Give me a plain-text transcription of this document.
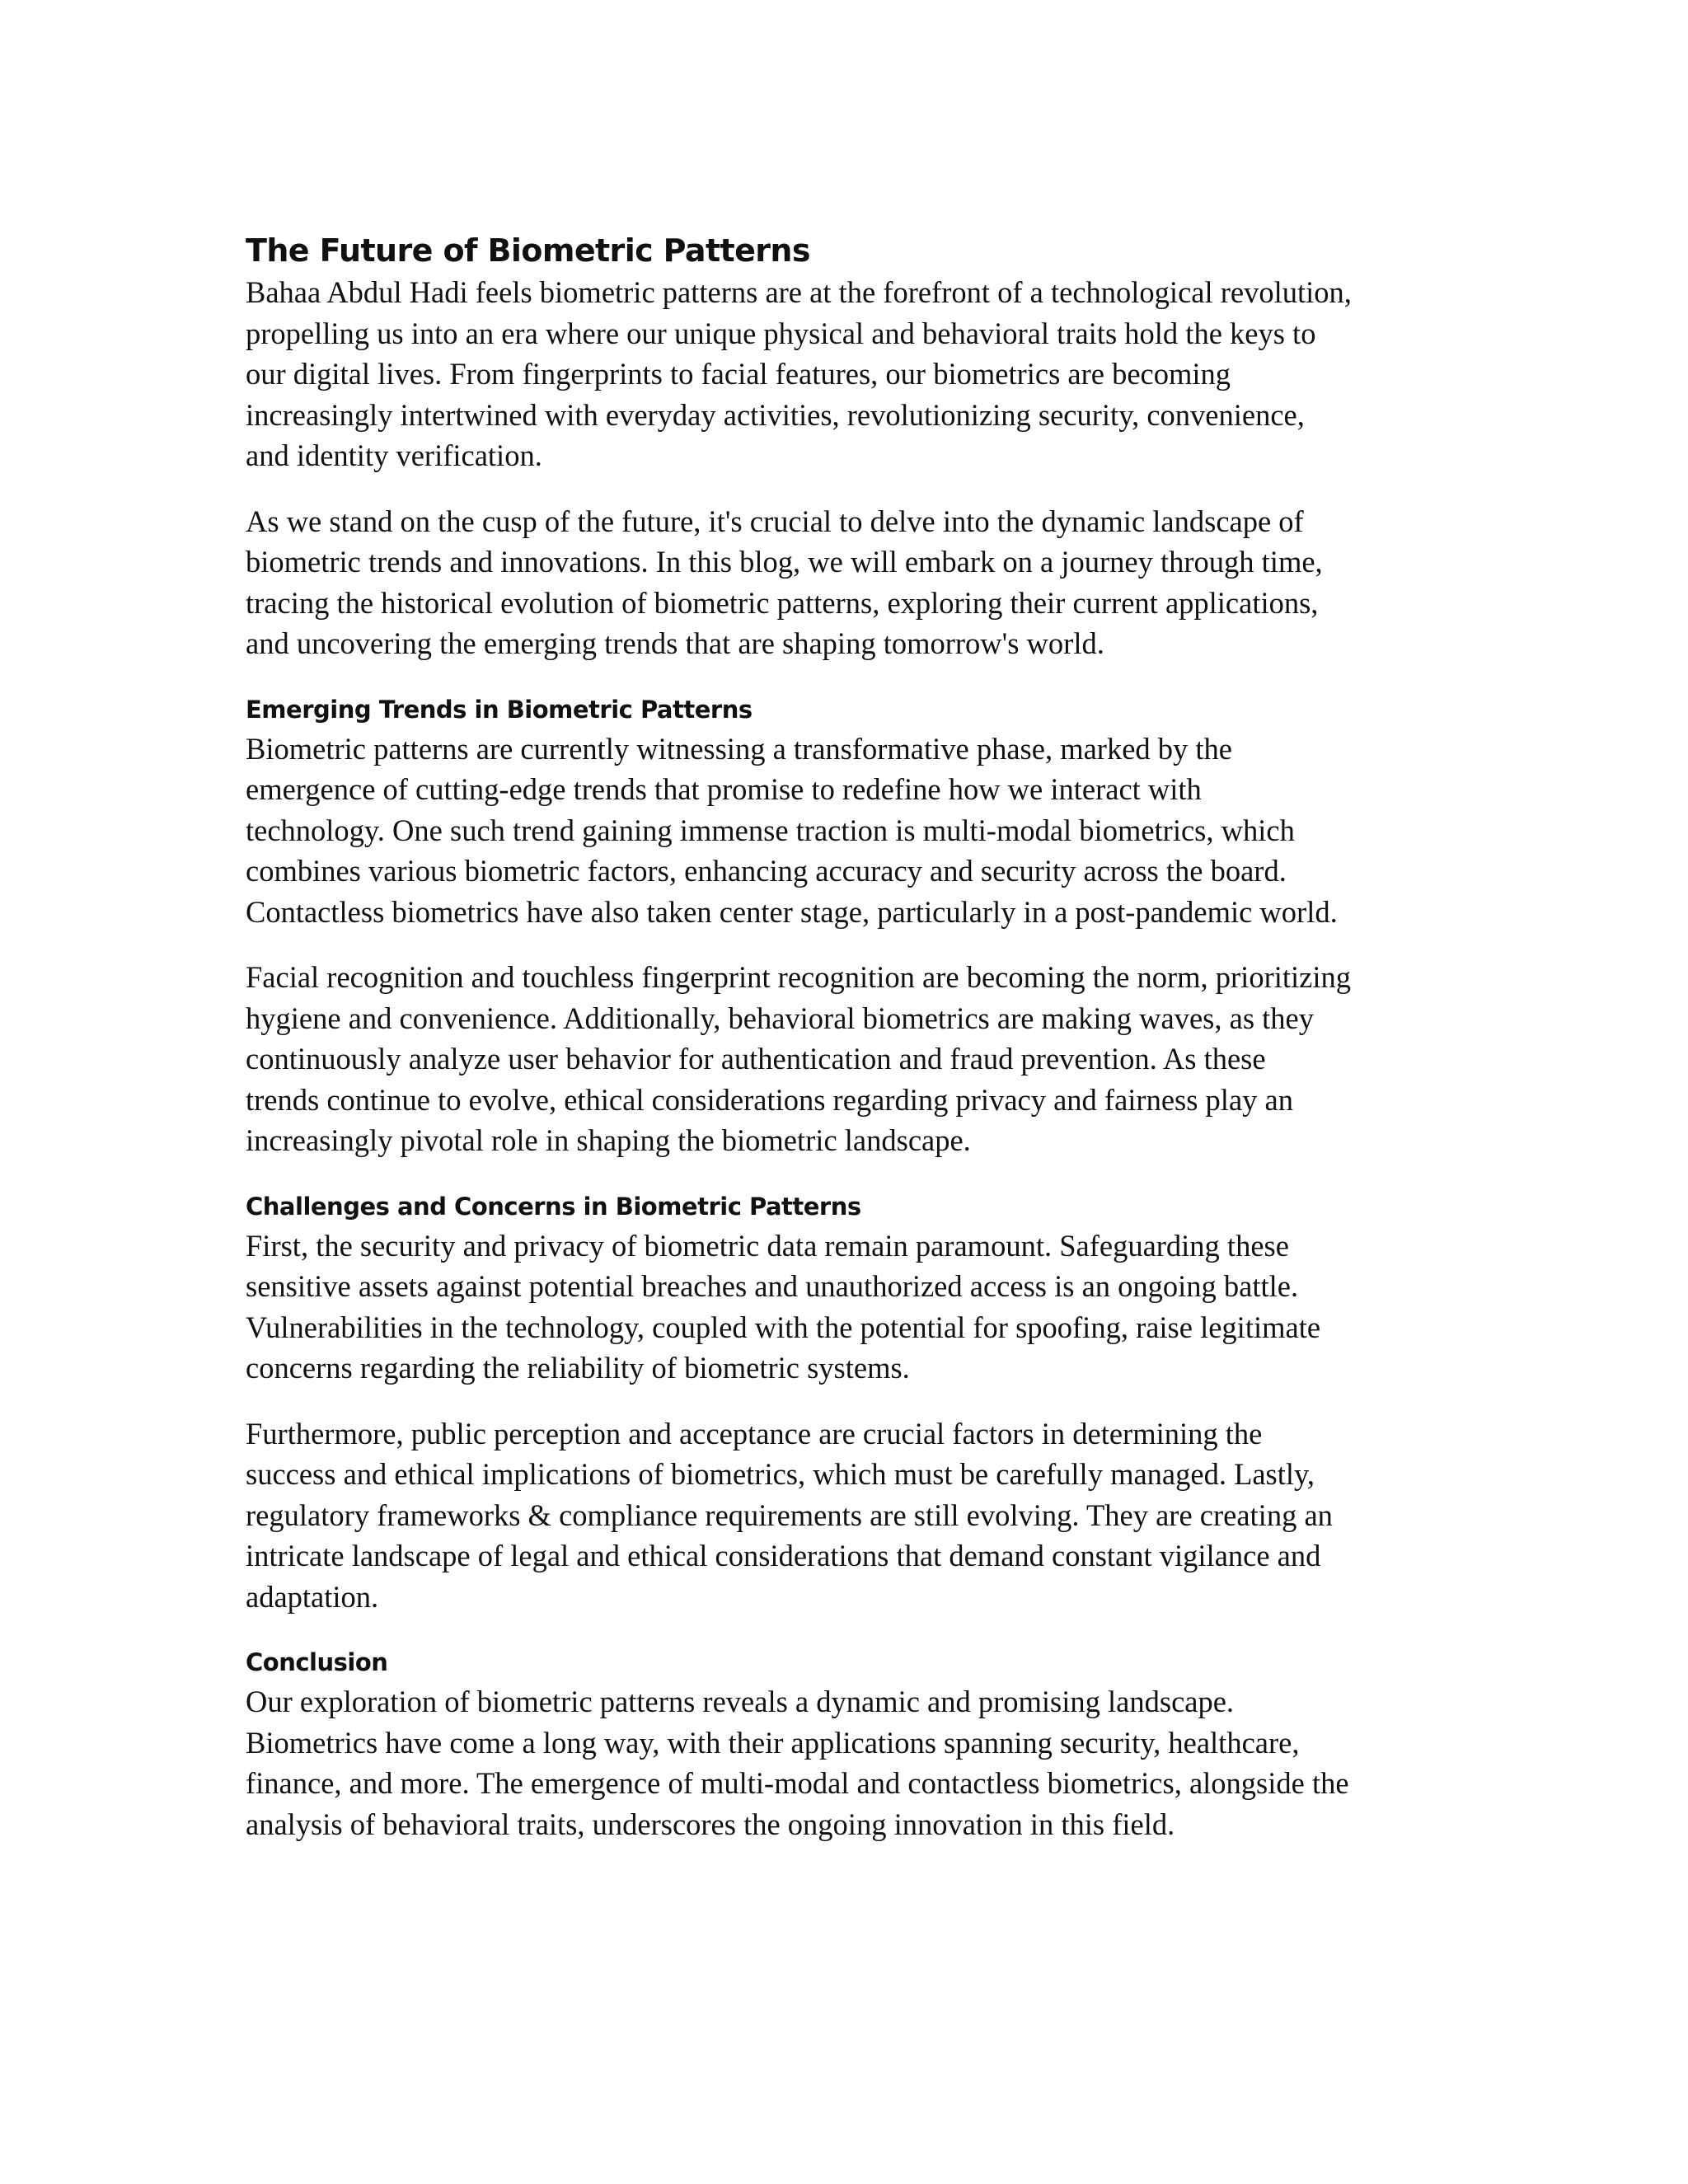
The Future of Biometric Patterns

Bahaa Abdul Hadi feels biometric patterns are at the forefront of a technological revolution,
propelling us into an era where our unique physical and behavioral traits hold the keys to
our digital lives. From fingerprints to facial features, our biometrics are becoming
increasingly intertwined with everyday activities, revolutionizing security, convenience,
and identity verification.

As we stand on the cusp of the future, it's crucial to delve into the dynamic landscape of
biometric trends and innovations. In this blog, we will embark on a journey through time,
tracing the historical evolution of biometric patterns, exploring their current applications,
and uncovering the emerging trends that are shaping tomorrow's world.

Emerging Trends in Biometric Patterns

Biometric patterns are currently witnessing a transformative phase, marked by the
emergence of cutting-edge trends that promise to redefine how we interact with
technology. One such trend gaining immense traction is multi-modal biometrics, which
combines various biometric factors, enhancing accuracy and security across the board.
Contactless biometrics have also taken center stage, particularly in a post-pandemic world.

Facial recognition and touchless fingerprint recognition are becoming the norm, prioritizing
hygiene and convenience. Additionally, behavioral biometrics are making waves, as they
continuously analyze user behavior for authentication and fraud prevention. As these
trends continue to evolve, ethical considerations regarding privacy and fairness play an
increasingly pivotal role in shaping the biometric landscape.

Challenges and Concerns in Biometric Patterns

First, the security and privacy of biometric data remain paramount. Safeguarding these
sensitive assets against potential breaches and unauthorized access is an ongoing battle.
Vulnerabilities in the technology, coupled with the potential for spoofing, raise legitimate
concerns regarding the reliability of biometric systems.

Furthermore, public perception and acceptance are crucial factors in determining the
success and ethical implications of biometrics, which must be carefully managed. Lastly,
regulatory frameworks & compliance requirements are still evolving. They are creating an
intricate landscape of legal and ethical considerations that demand constant vigilance and
adaptation.

Conclusion

Our exploration of biometric patterns reveals a dynamic and promising landscape.
Biometrics have come a long way, with their applications spanning security, healthcare,
finance, and more. The emergence of multi-modal and contactless biometrics, alongside the
analysis of behavioral traits, underscores the ongoing innovation in this field.
